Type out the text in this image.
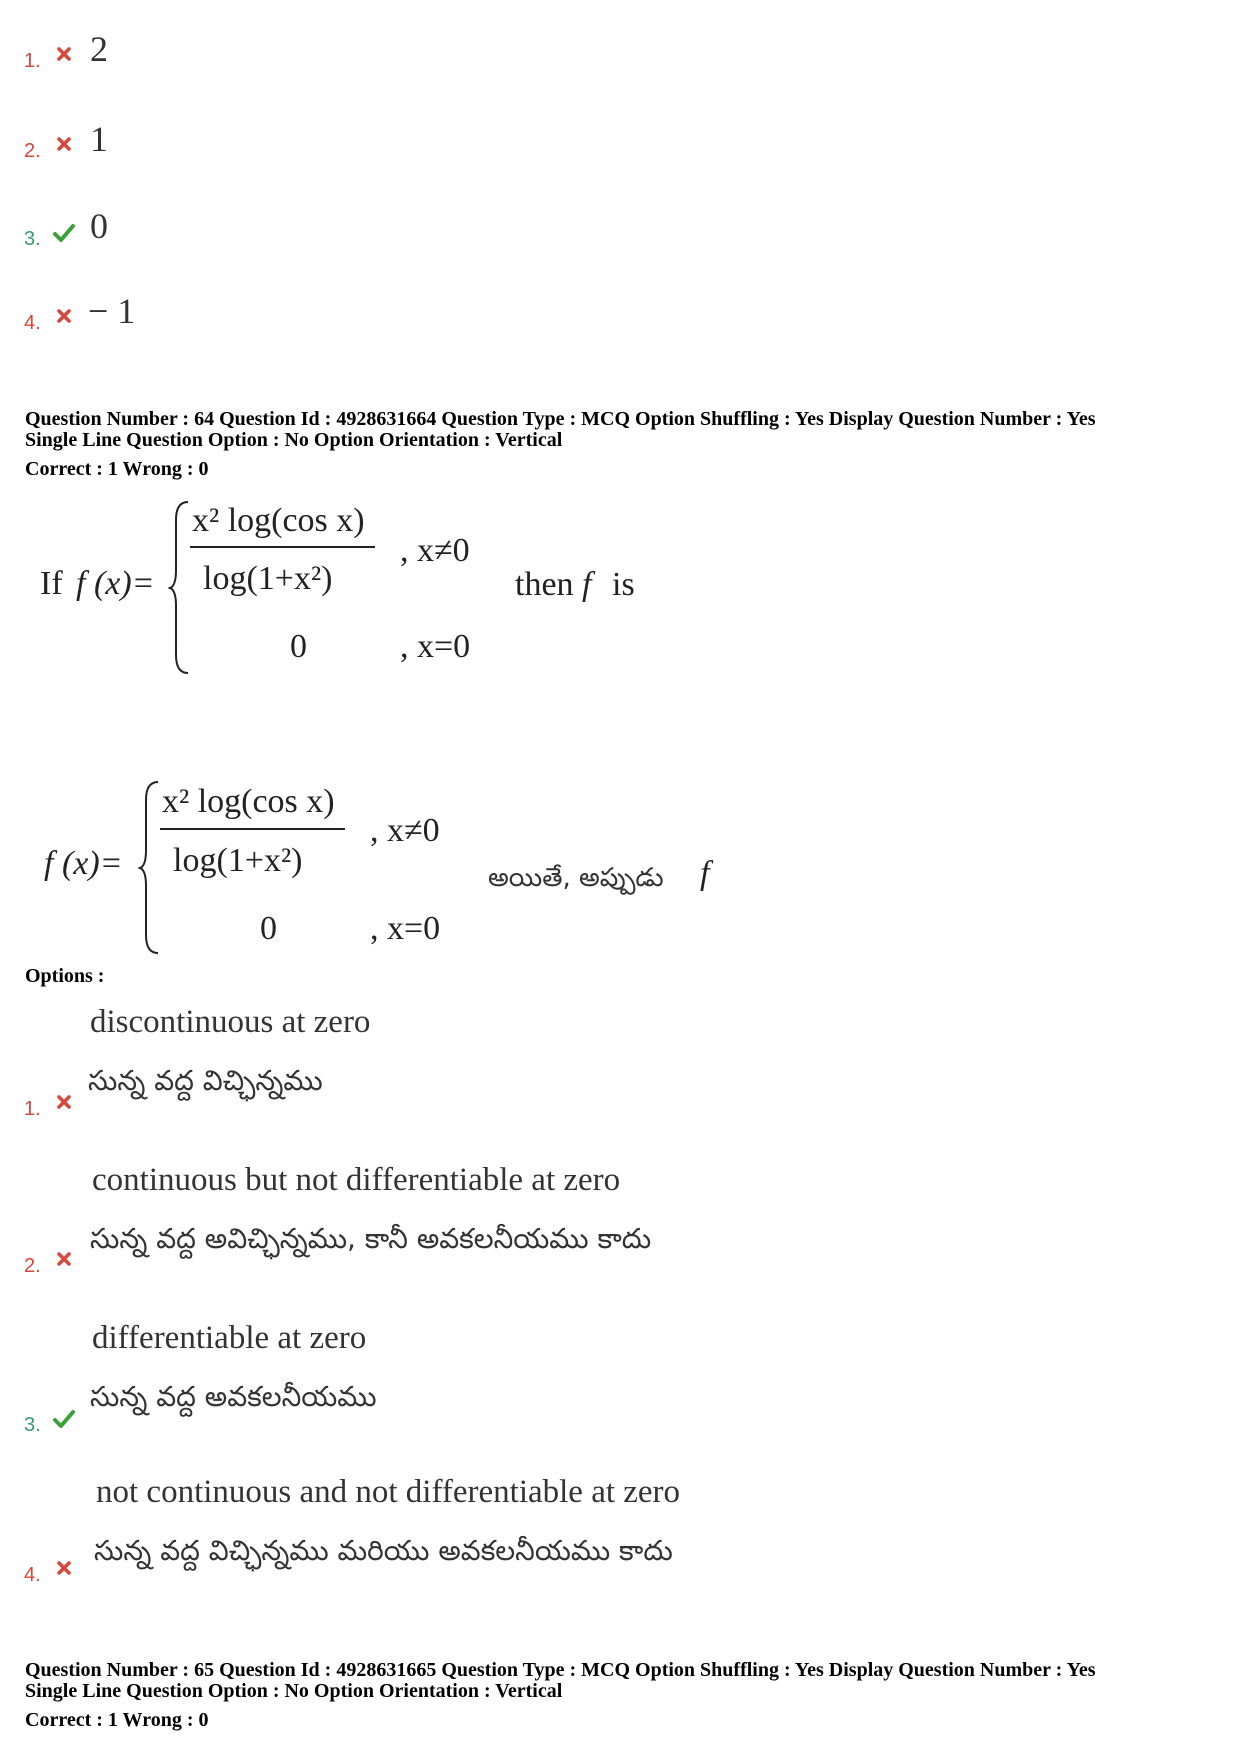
1. 2
2. 1
3. 0
4. − 1
Question Number : 64 Question Id : 4928631664 Question Type : MCQ Option Shuffling : Yes Display Question Number : Yes
Single Line Question Option : No Option Orientation : Vertical
Correct : 1 Wrong : 0
If f (x)=
x² log(cos x)
log(1+x²)
, x≠0
0	, x=0
then f is
f (x)=
x² log(cos x)
log(1+x²)
, x≠0
0	, x=0
అయితే, అప్పుడు f
Options :
discontinuous at zero
సున్న వద్ద విచ్ఛిన్నము
1.
continuous but not differentiable at zero
సున్న వద్ద అవిచ్ఛిన్నము, కానీ అవకలనీయము కాదు
2.
differentiable at zero
సున్న వద్ద అవకలనీయము
3.
not continuous and not differentiable at zero
సున్న వద్ద విచ్ఛిన్నము మరియు అవకలనీయము కాదు
4.
Question Number : 65 Question Id : 4928631665 Question Type : MCQ Option Shuffling : Yes Display Question Number : Yes
Single Line Question Option : No Option Orientation : Vertical
Correct : 1 Wrong : 0
